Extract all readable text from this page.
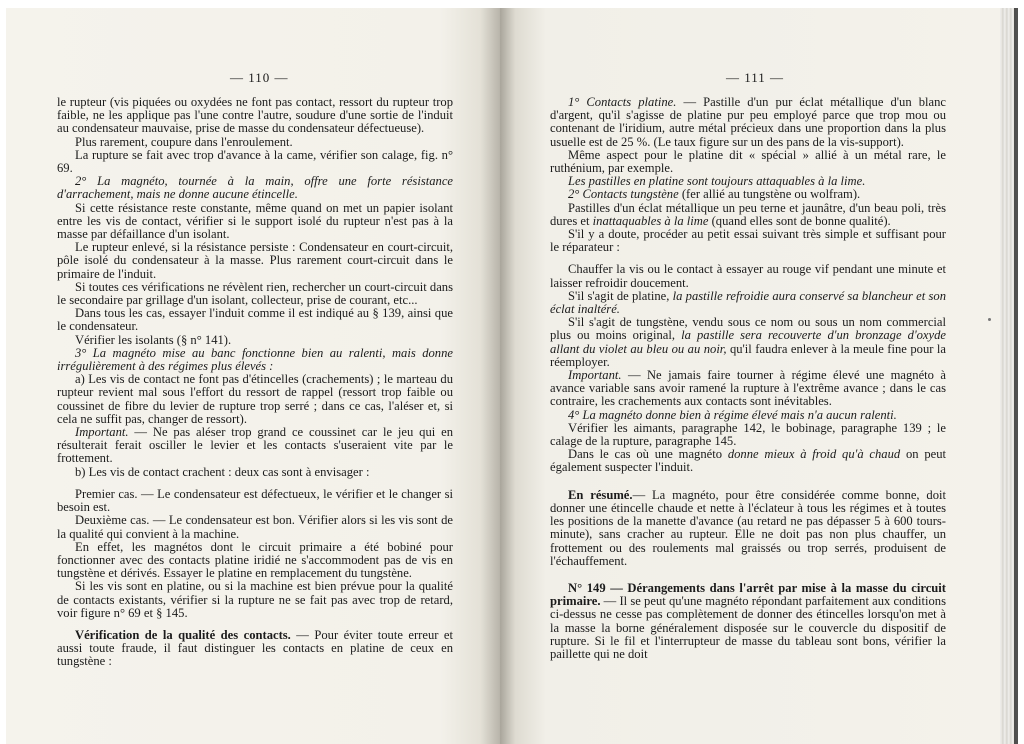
— 110 —

le rupteur (vis piquées ou oxydées ne font pas contact, ressort du rupteur trop faible, ne les applique pas l'une contre l'autre, soudure d'une sortie de l'induit au condensateur mauvaise, prise de masse du condensateur défectueuse).

Plus rarement, coupure dans l'enroulement.

La rupture se fait avec trop d'avance à la came, vérifier son calage, fig. n° 69.

2° La magnéto, tournée à la main, offre une forte résistance d'arrachement, mais ne donne aucune étincelle.

Si cette résistance reste constante, même quand on met un papier isolant entre les vis de contact, vérifier si le support isolé du rupteur n'est pas à la masse par défaillance d'un isolant.

Le rupteur enlevé, si la résistance persiste : Condensateur en court-circuit, pôle isolé du condensateur à la masse. Plus rarement court-circuit dans le primaire de l'induit.

Si toutes ces vérifications ne révèlent rien, rechercher un court-circuit dans le secondaire par grillage d'un isolant, collecteur, prise de courant, etc...

Dans tous les cas, essayer l'induit comme il est indiqué au § 139, ainsi que le condensateur.

Vérifier les isolants (§ n° 141).

3° La magnéto mise au banc fonctionne bien au ralenti, mais donne irrégulièrement à des régimes plus élevés :

a) Les vis de contact ne font pas d'étincelles (crachements) ; le marteau du rupteur revient mal sous l'effort du ressort de rappel (ressort trop faible ou coussinet de fibre du levier de rupture trop serré ; dans ce cas, l'aléser et, si cela ne suffit pas, changer de ressort).

Important. — Ne pas aléser trop grand ce coussinet car le jeu qui en résulterait ferait osciller le levier et les contacts s'useraient vite par le frottement.

b) Les vis de contact crachent : deux cas sont à envisager :

Premier cas. — Le condensateur est défectueux, le vérifier et le changer si besoin est.

Deuxième cas. — Le condensateur est bon. Vérifier alors si les vis sont de la qualité qui convient à la machine.

En effet, les magnétos dont le circuit primaire a été bobiné pour fonctionner avec des contacts platine iridié ne s'accommodent pas de vis en tungstène et dérivés. Essayer le platine en remplacement du tungstène.

Si les vis sont en platine, ou si la machine est bien prévue pour la qualité de contacts existants, vérifier si la rupture ne se fait pas avec trop de retard, voir figure n° 69 et § 145.

Vérification de la qualité des contacts. — Pour éviter toute erreur et aussi toute fraude, il faut distinguer les contacts en platine de ceux en tungstène :

— 111 —

1° Contacts platine. — Pastille d'un pur éclat métallique d'un blanc d'argent, qu'il s'agisse de platine pur peu employé parce que trop mou ou contenant de l'iridium, autre métal précieux dans une proportion dans la plus usuelle est de 25 %. (Le taux figure sur un des pans de la vis-support).

Même aspect pour le platine dit « spécial » allié à un métal rare, le ruthénium, par exemple.

Les pastilles en platine sont toujours attaquables à la lime.

2° Contacts tungstène (fer allié au tungstène ou wolfram).

Pastilles d'un éclat métallique un peu terne et jaunâtre, d'un beau poli, très dures et inattaquables à la lime (quand elles sont de bonne qualité).

S'il y a doute, procéder au petit essai suivant très simple et suffisant pour le réparateur :

Chauffer la vis ou le contact à essayer au rouge vif pendant une minute et laisser refroidir doucement.

S'il s'agit de platine, la pastille refroidie aura conservé sa blancheur et son éclat inaltéré.

S'il s'agit de tungstène, vendu sous ce nom ou sous un nom commercial plus ou moins original, la pastille sera recouverte d'un bronzage d'oxyde allant du violet au bleu ou au noir, qu'il faudra enlever à la meule fine pour la réemployer.

Important. — Ne jamais faire tourner à régime élevé une magnéto à avance variable sans avoir ramené la rupture à l'extrême avance ; dans le cas contraire, les crachements aux contacts sont inévitables.

4° La magnéto donne bien à régime élevé mais n'a aucun ralenti.

Vérifier les aimants, paragraphe 142, le bobinage, paragraphe 139 ; le calage de la rupture, paragraphe 145.

Dans le cas où une magnéto donne mieux à froid qu'à chaud on peut également suspecter l'induit.

En résumé.— La magnéto, pour être considérée comme bonne, doit donner une étincelle chaude et nette à l'éclateur à tous les régimes et à toutes les positions de la manette d'avance (au retard ne pas dépasser 5 à 600 tours-minute), sans cracher au rupteur. Elle ne doit pas non plus chauffer, un frottement ou des roulements mal graissés ou trop serrés, produisent de l'échauffement.

N° 149 — Dérangements dans l'arrêt par mise à la masse du circuit primaire. — Il se peut qu'une magnéto répondant parfaitement aux conditions ci-dessus ne cesse pas complètement de donner des étincelles lorsqu'on met à la masse la borne généralement disposée sur le couvercle du dispositif de rupture. Si le fil et l'interrupteur de masse du tableau sont bons, vérifier la paillette qui ne doit
